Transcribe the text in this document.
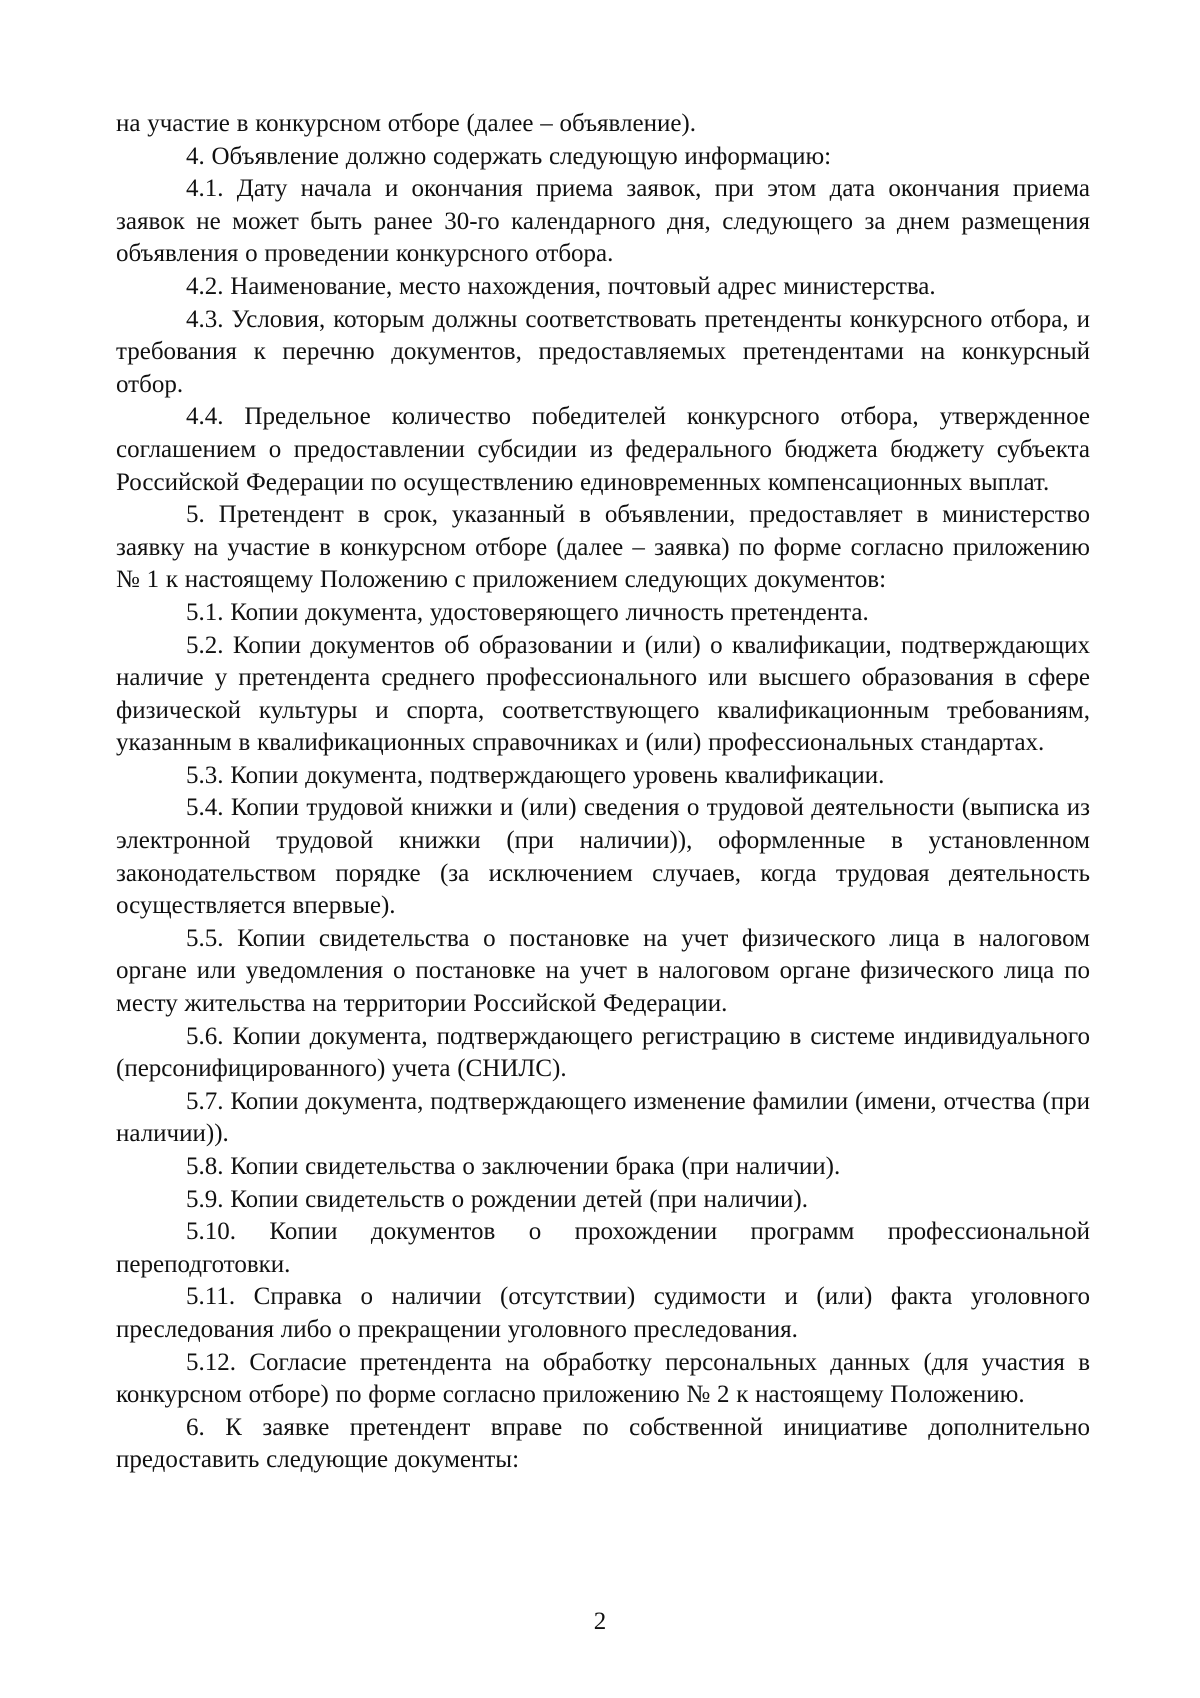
на участие в конкурсном отборе (далее – объявление).

4. Объявление должно содержать следующую информацию:

4.1. Дату начала и окончания приема заявок, при этом дата окончания приема заявок не может быть ранее 30-го календарного дня, следующего за днем размещения объявления о проведении конкурсного отбора.

4.2. Наименование, место нахождения, почтовый адрес министерства.

4.3. Условия, которым должны соответствовать претенденты конкурсного отбора, и требования к перечню документов, предоставляемых претендентами на конкурсный отбор.

4.4. Предельное количество победителей конкурсного отбора, утвержденное соглашением о предоставлении субсидии из федерального бюджета бюджету субъекта Российской Федерации по осуществлению единовременных компенсационных выплат.

5. Претендент в срок, указанный в объявлении, предоставляет в министерство заявку на участие в конкурсном отборе (далее – заявка) по форме согласно приложению № 1 к настоящему Положению с приложением следующих документов:

5.1. Копии документа, удостоверяющего личность претендента.

5.2. Копии документов об образовании и (или) о квалификации, подтверждающих наличие у претендента среднего профессионального или высшего образования в сфере физической культуры и спорта, соответствующего квалификационным требованиям, указанным в квалификационных справочниках и (или) профессиональных стандартах.

5.3. Копии документа, подтверждающего уровень квалификации.

5.4. Копии трудовой книжки и (или) сведения о трудовой деятельности (выписка из электронной трудовой книжки (при наличии)), оформленные в установленном законодательством порядке (за исключением случаев, когда трудовая деятельность осуществляется впервые).

5.5. Копии свидетельства о постановке на учет физического лица в налоговом органе или уведомления о постановке на учет в налоговом органе физического лица по месту жительства на территории Российской Федерации.

5.6. Копии документа, подтверждающего регистрацию в системе индивидуального (персонифицированного) учета (СНИЛС).

5.7. Копии документа, подтверждающего изменение фамилии (имени, отчества (при наличии)).

5.8. Копии свидетельства о заключении брака (при наличии).

5.9. Копии свидетельств о рождении детей (при наличии).

5.10. Копии документов о прохождении программ профессиональной переподготовки.

5.11. Справка о наличии (отсутствии) судимости и (или) факта уголовного преследования либо о прекращении уголовного преследования.

5.12. Согласие претендента на обработку персональных данных (для участия в конкурсном отборе) по форме согласно приложению № 2 к настоящему Положению.

6. К заявке претендент вправе по собственной инициативе дополнительно предоставить следующие документы:

2
